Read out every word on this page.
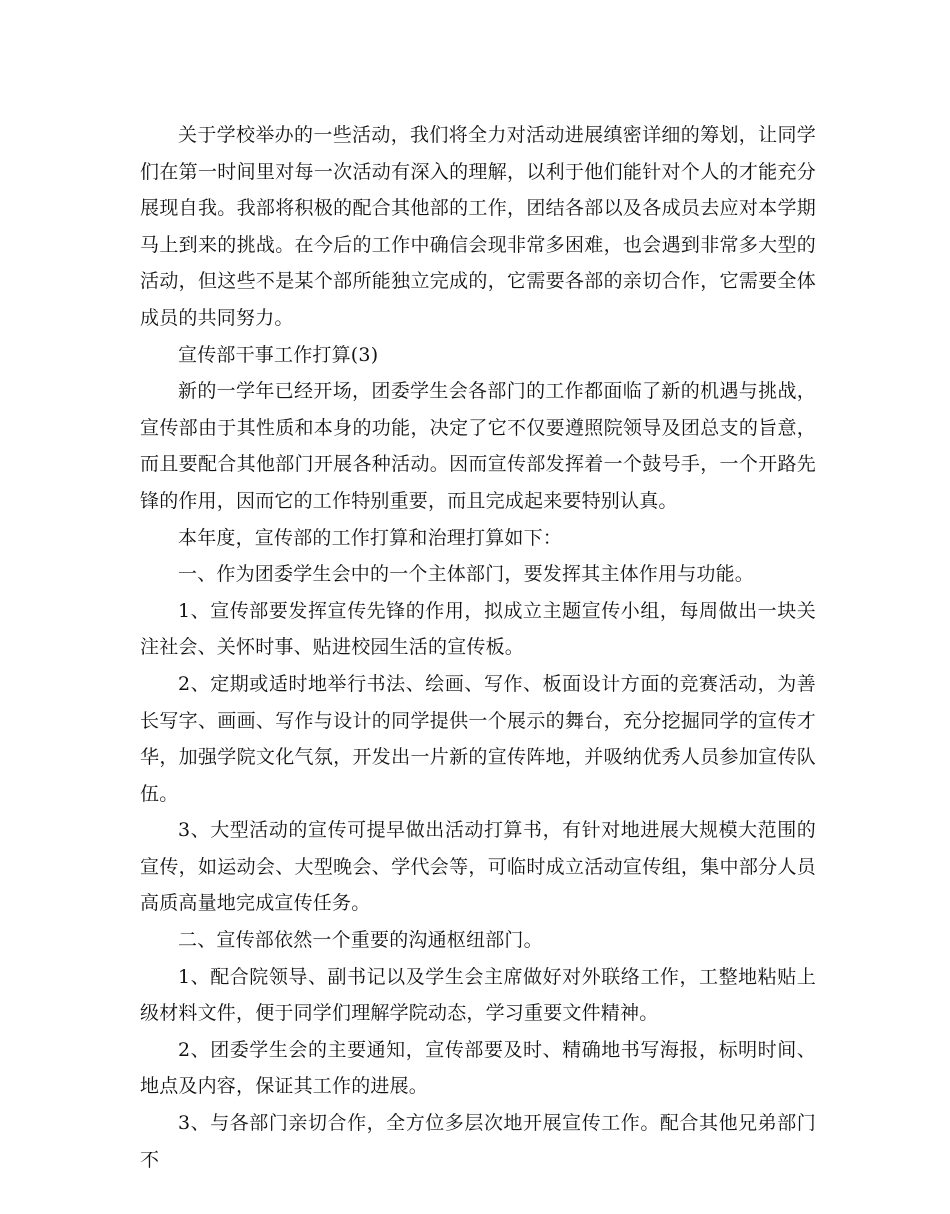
关于学校举办的一些活动，我们将全力对活动进展缜密详细的筹划，让同学们在第一时间里对每一次活动有深入的理解，以利于他们能针对个人的才能充分展现自我。我部将积极的配合其他部的工作，团结各部以及各成员去应对本学期马上到来的挑战。在今后的工作中确信会现非常多困难，也会遇到非常多大型的活动，但这些不是某个部所能独立完成的，它需要各部的亲切合作，它需要全体成员的共同努力。

宣传部干事工作打算(3)

新的一学年已经开场，团委学生会各部门的工作都面临了新的机遇与挑战，宣传部由于其性质和本身的功能，决定了它不仅要遵照院领导及团总支的旨意，而且要配合其他部门开展各种活动。因而宣传部发挥着一个鼓号手，一个开路先锋的作用，因而它的工作特别重要，而且完成起来要特别认真。

本年度，宣传部的工作打算和治理打算如下：

一、作为团委学生会中的一个主体部门，要发挥其主体作用与功能。

1、宣传部要发挥宣传先锋的作用，拟成立主题宣传小组，每周做出一块关注社会、关怀时事、贴进校园生活的宣传板。

2、定期或适时地举行书法、绘画、写作、板面设计方面的竞赛活动，为善长写字、画画、写作与设计的同学提供一个展示的舞台，充分挖掘同学的宣传才华，加强学院文化气氛，开发出一片新的宣传阵地，并吸纳优秀人员参加宣传队伍。

3、大型活动的宣传可提早做出活动打算书，有针对地进展大规模大范围的宣传，如运动会、大型晚会、学代会等，可临时成立活动宣传组，集中部分人员高质高量地完成宣传任务。

二、宣传部依然一个重要的沟通枢纽部门。

1、配合院领导、副书记以及学生会主席做好对外联络工作，工整地粘贴上级材料文件，便于同学们理解学院动态，学习重要文件精神。

2、团委学生会的主要通知，宣传部要及时、精确地书写海报，标明时间、地点及内容，保证其工作的进展。

3、与各部门亲切合作，全方位多层次地开展宣传工作。配合其他兄弟部门不
